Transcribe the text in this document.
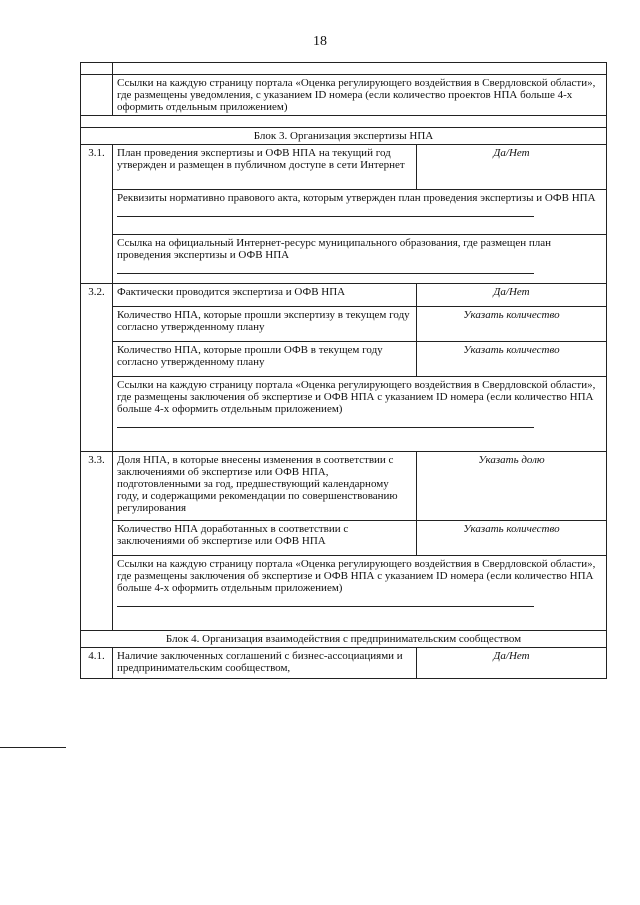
18

	Ссылки на каждую страницу портала «Оценка регулирующего воздействия в Свердловской области», где размещены уведомления, с указанием ID номера (если количество проектов НПА больше 4-х оформить отдельным приложением)	

Блок 3. Организация экспертизы НПА		
3.1.	План проведения экспертизы и ОФВ НПА на текущий год утвержден и размещен в публичном доступе в сети Интернет	Да/Нет

	Реквизиты нормативно правового акта, которым утвержден план проведения экспертизы и ОФВ НПА	

	Ссылка на официальный Интернет-ресурс муниципального образования, где размещен план проведения экспертизы и ОФВ НПА	

3.2.	Фактически проводится экспертиза и ОФВ НПА	Да/Нет
	Количество НПА, которые прошли экспертизу в текущем году согласно утвержденному плану	Указать количество
	Количество НПА, которые прошли ОФВ в текущем году согласно утвержденному плану	Указать количество

	Ссылки на каждую страницу портала «Оценка регулирующего воздействия в Свердловской области», где размещены заключения об экспертизе и ОФВ НПА с указанием ID номера (если количество НПА больше 4-х оформить отдельным приложением)	

3.3.	Доля НПА, в которые внесены изменения в соответствии с заключениями об экспертизе или ОФВ НПА, подготовленными за год, предшествующий календарному году, и содержащими рекомендации по совершенствованию регулирования	Указать долю
	Количество НПА доработанных в соответствии с заключениями об экспертизе или ОФВ НПА	Указать количество

	Ссылки на каждую страницу портала «Оценка регулирующего воздействия в Свердловской области», где размещены заключения об экспертизе и ОФВ НПА с указанием ID номера (если количество НПА больше 4-х оформить отдельным приложением)	

Блок 4. Организация взаимодействия с предпринимательским сообществом		
4.1.	Наличие заключенных соглашений с бизнес-ассоциациями и предпринимательским сообществом,	Да/Нет
